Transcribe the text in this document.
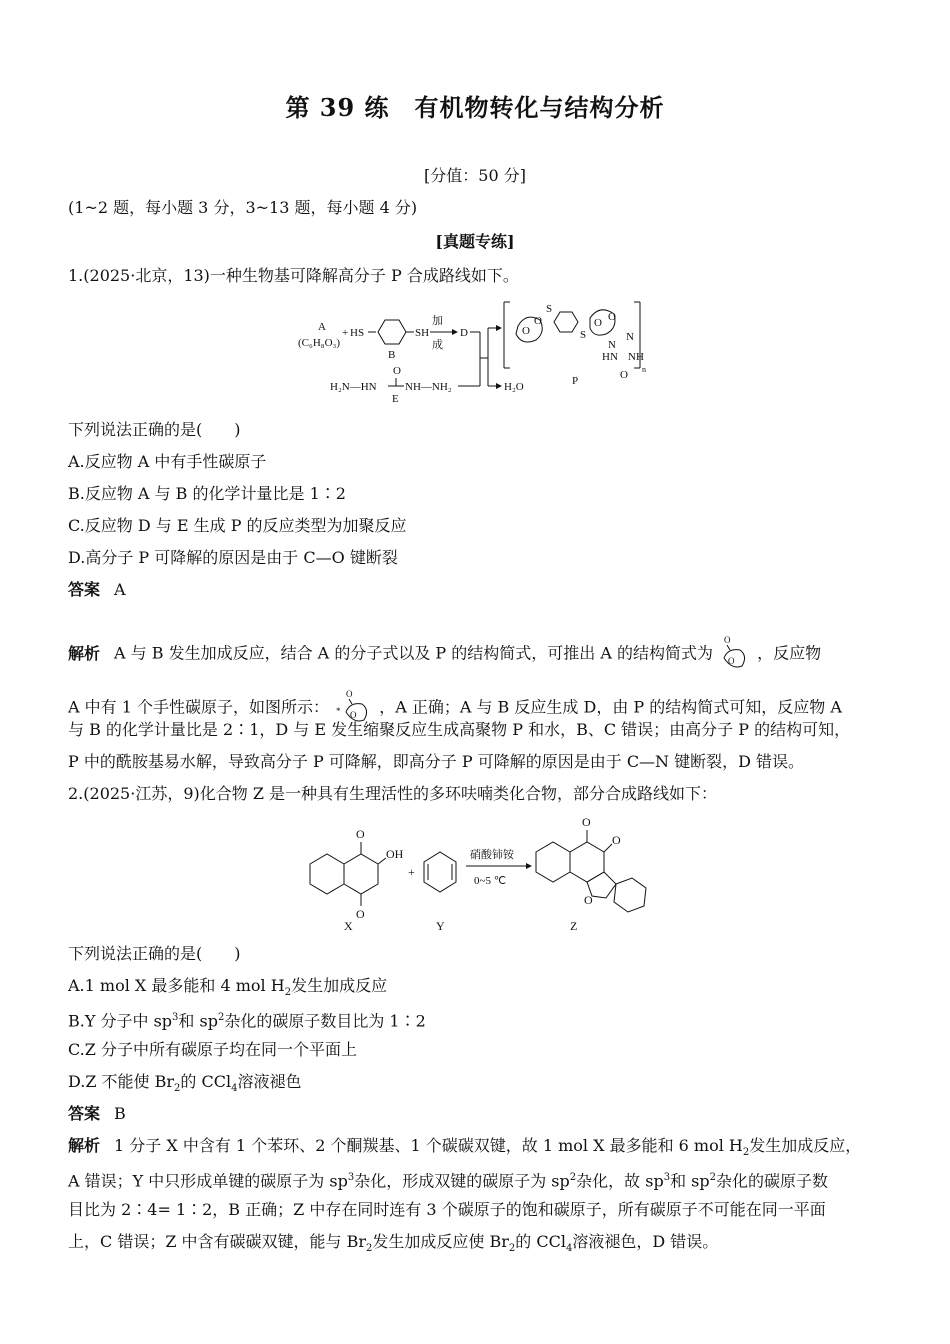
第 39 练　有机物转化与结构分析
[分值：50 分]
(1~2 题，每小题 3 分，3~13 题，每小题 4 分)
[真题专练]
1.(2025·北京，13)一种生物基可降解高分子 P 合成路线如下。
A
(C₆H₈O₃)
+ HS	SH
B
加
成
D
H₂N—HN
O
NH—NH₂
E
H₂O
O
O
S
S
O O
N
N
HN NH
O n
P
下列说法正确的是(　　)
A.反应物 A 中有手性碳原子
B.反应物 A 与 B 的化学计量比是 1∶2
C.反应物 D 与 E 生成 P 的反应类型为加聚反应
D.高分子 P 可降解的原因是由于 C—O 键断裂
答案 A
解析 A 与 B 发生加成反应，结合 A 的分子式以及 P 的结构简式，可推出 A 的结构简式为
O
O ，反应物
A 中有 1 个手性碳原子，如图所示：
O
* O ，A 正确；A 与 B 反应生成 D，由 P 的结构简式可知，反应物 A
与 B 的化学计量比是 2∶1，D 与 E 发生缩聚反应生成高聚物 P 和水，B、C 错误；由高分子 P 的结构可知，
P 中的酰胺基易水解，导致高分子 P 可降解，即高分子 P 可降解的原因是由于 C—N 键断裂，D 错误。
2.(2025·江苏，9)化合物 Z 是一种具有生理活性的多环呋喃类化合物，部分合成路线如下：
O
O
OH
X
+
Y
硝酸铈铵
0~5 ℃
O
O
O
Z
下列说法正确的是(　　)
A.1 mol X 最多能和 4 mol $H_2$发生加成反应
B.Y 分子中 $sp^3$和 $sp^2$杂化的碳原子数目比为 1∶2
C.Z 分子中所有碳原子均在同一个平面上
D.Z 不能使 $Br_2$的 CCl$_4$溶液褪色
答案 B
解析 1 分子 X 中含有 1 个苯环、2 个酮羰基、1 个碳碳双键，故 1 mol X 最多能和 6 mol $H_2$发生加成反应，
A 错误；Y 中只形成单键的碳原子为 $sp^3$杂化，形成双键的碳原子为 $sp^2$杂化，故 $sp^3$和 $sp^2$杂化的碳原子数
目比为 2∶4= 1∶2，B 正确；Z 中存在同时连有 3 个碳原子的饱和碳原子，所有碳原子不可能在同一平面
上，C 错误；Z 中含有碳碳双键，能与 $Br_2$发生加成反应使 $Br_2$的 CCl$_4$溶液褪色，D 错误。
